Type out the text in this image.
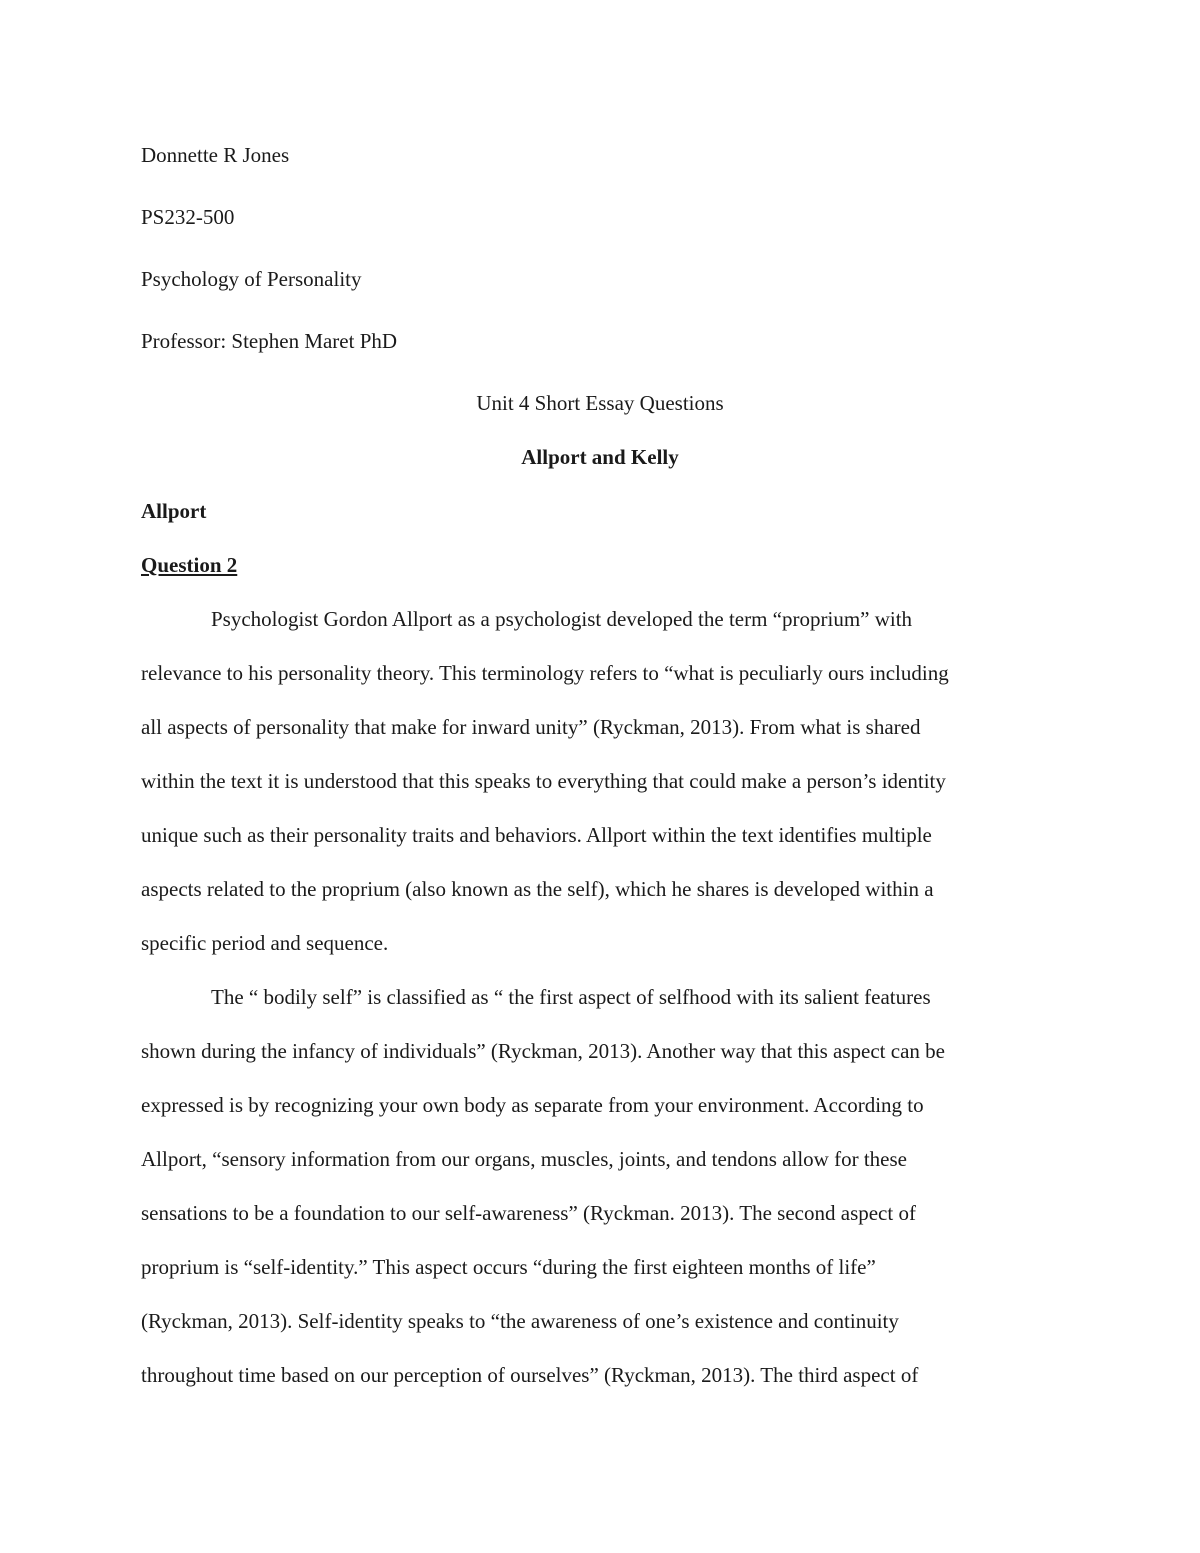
Donnette R Jones

PS232-500

Psychology of Personality

Professor: Stephen Maret PhD

Unit 4 Short Essay Questions

Allport and Kelly

Allport

Question 2

Psychologist Gordon Allport as a psychologist developed the term “proprium” with
relevance to his personality theory. This terminology refers to “what is peculiarly ours including
all aspects of personality that make for inward unity” (Ryckman, 2013). From what is shared
within the text it is understood that this speaks to everything that could make a person’s identity
unique such as their personality traits and behaviors. Allport within the text identifies multiple
aspects related to the proprium (also known as the self), which he shares is developed within a
specific period and sequence.
The “ bodily self” is classified as “ the first aspect of selfhood with its salient features
shown during the infancy of individuals” (Ryckman, 2013). Another way that this aspect can be
expressed is by recognizing your own body as separate from your environment. According to
Allport, “sensory information from our organs, muscles, joints, and tendons allow for these
sensations to be a foundation to our self-awareness” (Ryckman. 2013). The second aspect of
proprium is “self-identity.” This aspect occurs “during the first eighteen months of life”
(Ryckman, 2013). Self-identity speaks to “the awareness of one’s existence and continuity
throughout time based on our perception of ourselves” (Ryckman, 2013). The third aspect of
